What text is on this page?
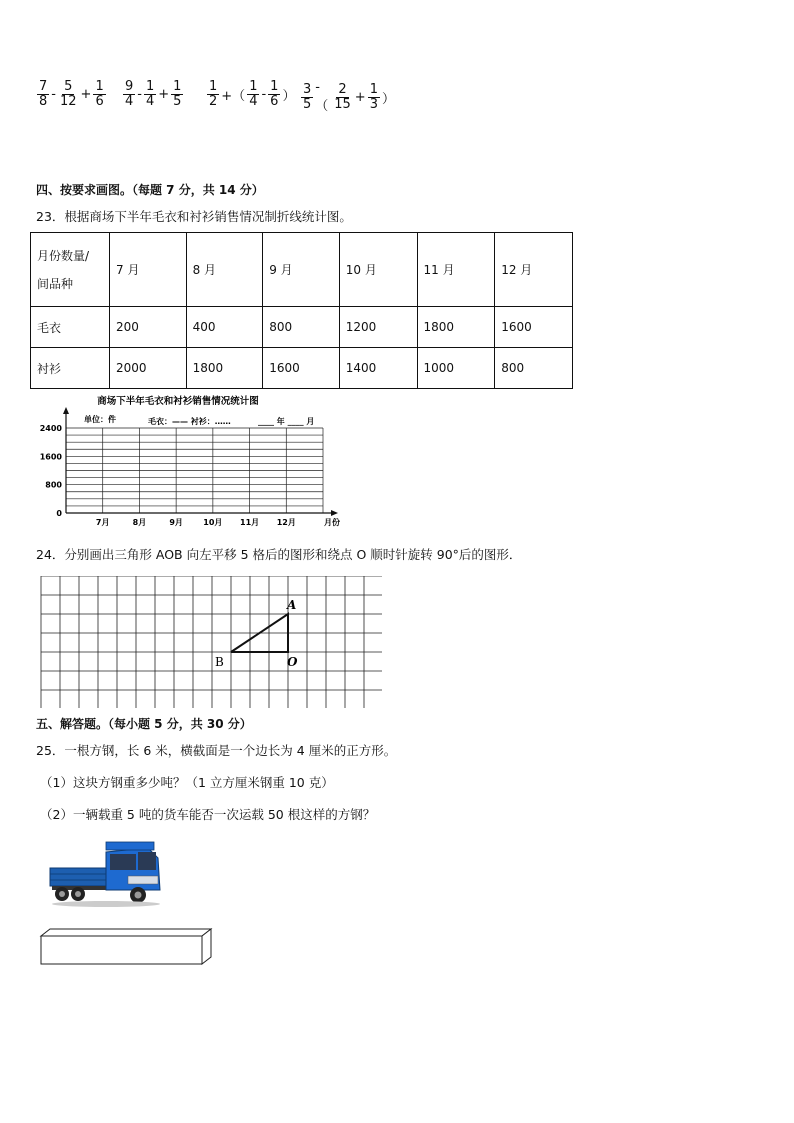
$\frac{7}{8} - \frac{5}{12} + \frac{1}{6} \frac{9}{4} - \frac{1}{4} + \frac{1}{5} \frac{1}{2}$ +（ $\frac{1}{4} - \frac{1}{6}$ ） $\frac{3}{5}$ -（ $\frac{2}{15} + \frac{1}{3}$ ）
四、按要求画图。（每题 7 分，共 14 分）
23．根据商场下半年毛衣和衬衫销售情况制折线统计图。
月份数量/
间品种	7 月	8 月	9 月	10 月	11 月	12 月
毛衣	200	400	800	1200	1800	1600
衬衫	2000	1800	1600	1400	1000	800
商场下半年毛衣和衬衫销售情况统计图
单位：件	毛衣：—— 衬衫：……	____ 年 ____ 月
0
800
1600
2400
7月	8月	9月	10月 11月 12月	月份
24．分别画出三角形 AOB 向左平移 5 格后的图形和绕点 O 顺时针旋转 90°后的图形．
A
B	O
五、解答题。（每小题 5 分，共 30 分）
25．一根方钢，长 6 米，横截面是一个边长为 4 厘米的正方形。
（1）这块方钢重多少吨？（1 立方厘米钢重 10 克）
（2）一辆载重 5 吨的货车能否一次运载 50 根这样的方钢？
